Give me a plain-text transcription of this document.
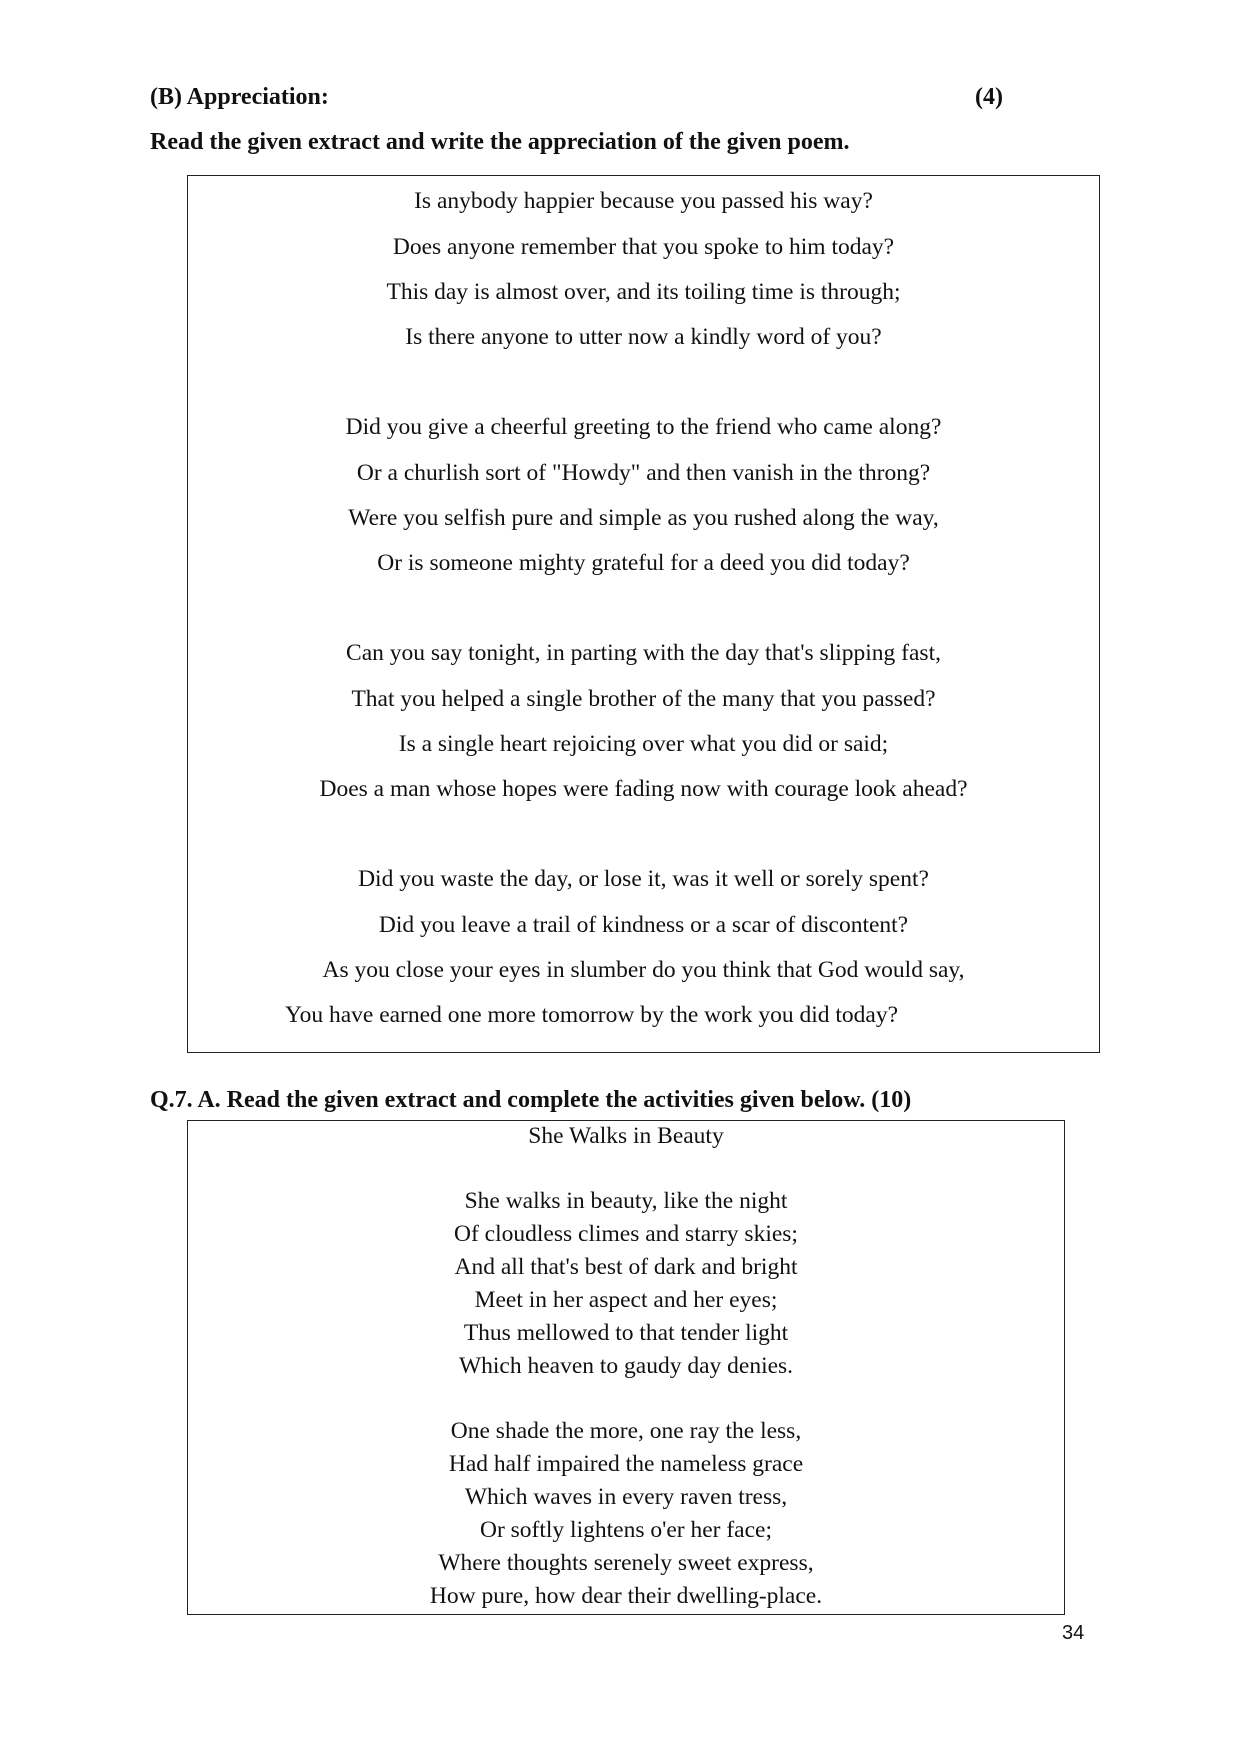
(B) Appreciation:	(4)
Read the given extract and write the appreciation of the given poem.
Is anybody happier because you passed his way?
Does anyone remember that you spoke to him today?
This day is almost over, and its toiling time is through;
Is there anyone to utter now a kindly word of you?
Did you give a cheerful greeting to the friend who came along?
Or a churlish sort of "Howdy" and then vanish in the throng?
Were you selfish pure and simple as you rushed along the way,
Or is someone mighty grateful for a deed you did today?
Can you say tonight, in parting with the day that's slipping fast,
That you helped a single brother of the many that you passed?
Is a single heart rejoicing over what you did or said;
Does a man whose hopes were fading now with courage look ahead?
Did you waste the day, or lose it, was it well or sorely spent?
Did you leave a trail of kindness or a scar of discontent?
As you close your eyes in slumber do you think that God would say,
You have earned one more tomorrow by the work you did today?
Q.7. A. Read the given extract and complete the activities given below. (10)
She Walks in Beauty
She walks in beauty, like the night
Of cloudless climes and starry skies;
And all that's best of dark and bright
Meet in her aspect and her eyes;
Thus mellowed to that tender light
Which heaven to gaudy day denies.
One shade the more, one ray the less,
Had half impaired the nameless grace
Which waves in every raven tress,
Or softly lightens o'er her face;
Where thoughts serenely sweet express,
How pure, how dear their dwelling-place.
34
